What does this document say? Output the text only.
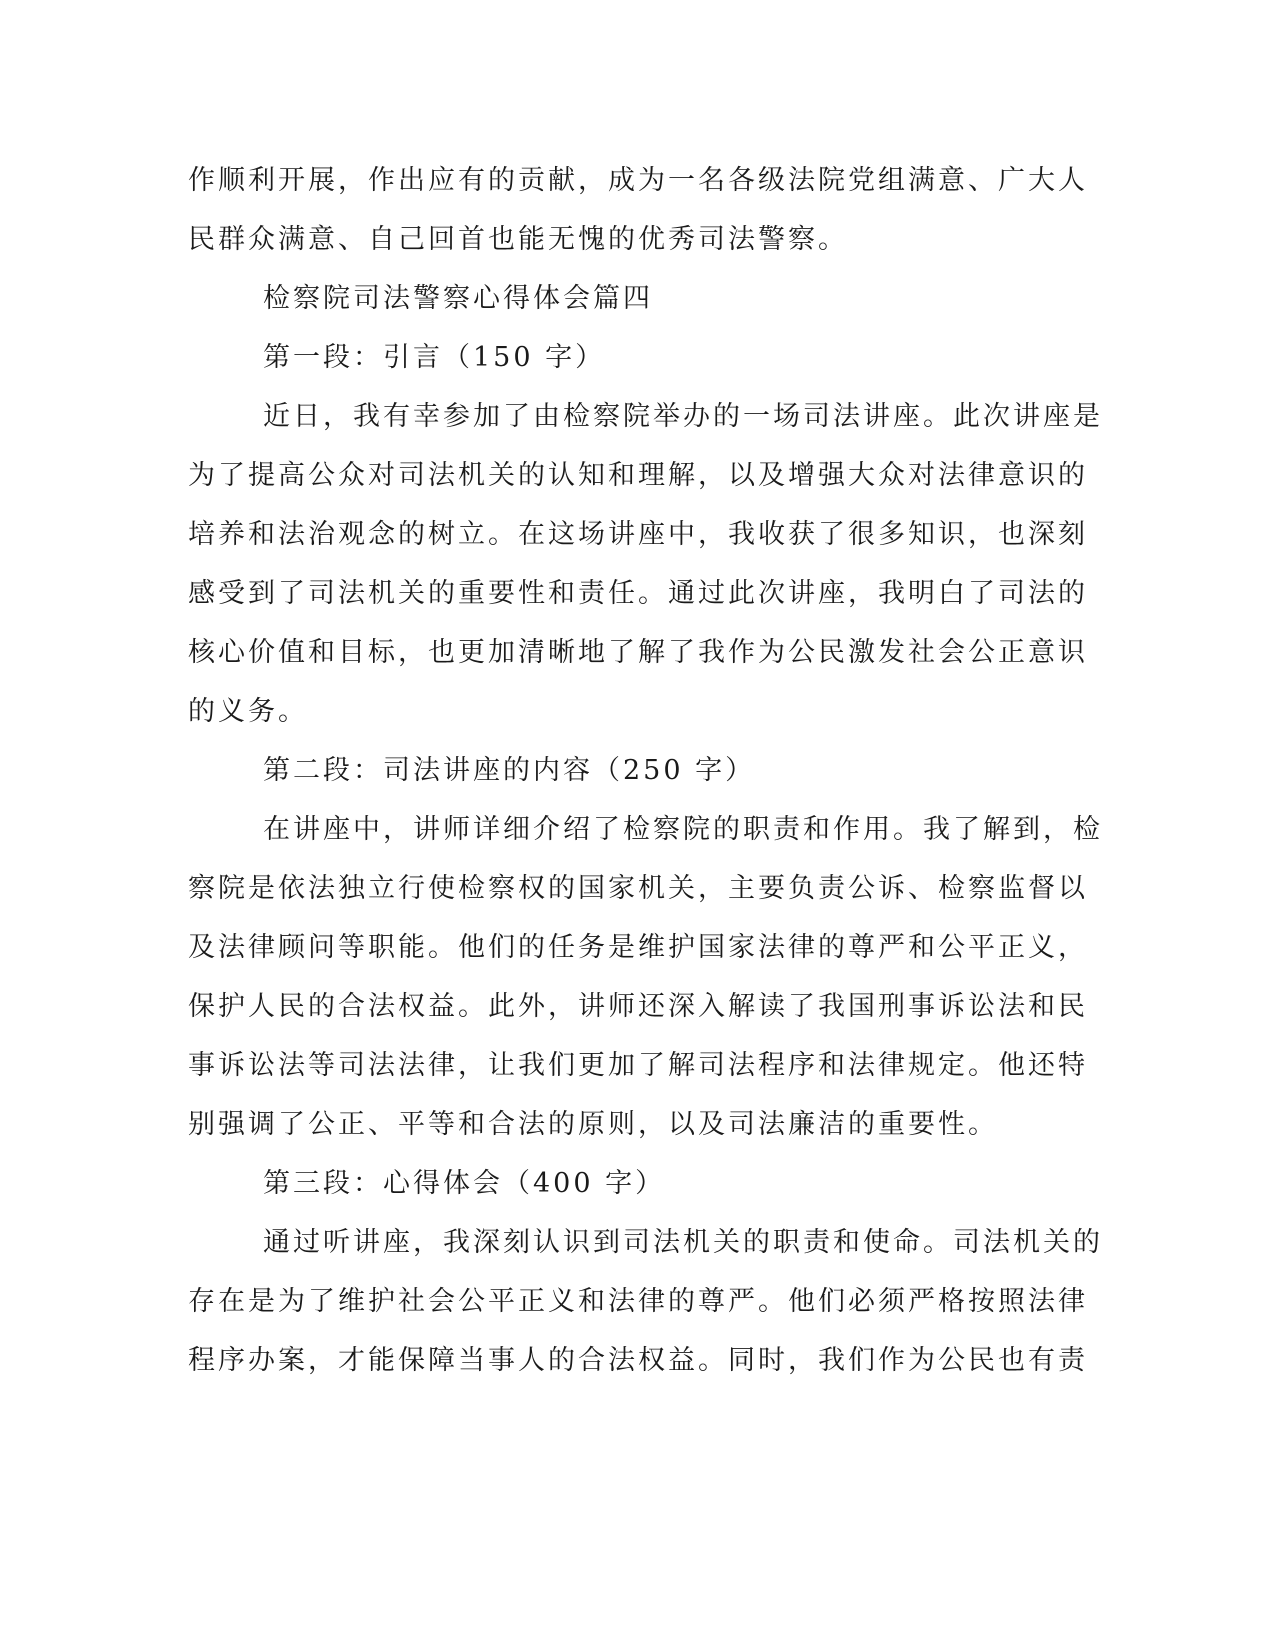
作顺利开展，作出应有的贡献，成为一名各级法院党组满意、广大人
民群众满意、自己回首也能无愧的优秀司法警察。
检察院司法警察心得体会篇四
第一段：引言（150 字）
近日，我有幸参加了由检察院举办的一场司法讲座。此次讲座是
为了提高公众对司法机关的认知和理解，以及增强大众对法律意识的
培养和法治观念的树立。在这场讲座中，我收获了很多知识，也深刻
感受到了司法机关的重要性和责任。通过此次讲座，我明白了司法的
核心价值和目标，也更加清晰地了解了我作为公民激发社会公正意识
的义务。
第二段：司法讲座的内容（250 字）
在讲座中，讲师详细介绍了检察院的职责和作用。我了解到，检
察院是依法独立行使检察权的国家机关，主要负责公诉、检察监督以
及法律顾问等职能。他们的任务是维护国家法律的尊严和公平正义，
保护人民的合法权益。此外，讲师还深入解读了我国刑事诉讼法和民
事诉讼法等司法法律，让我们更加了解司法程序和法律规定。他还特
别强调了公正、平等和合法的原则，以及司法廉洁的重要性。
第三段：心得体会（400 字）
通过听讲座，我深刻认识到司法机关的职责和使命。司法机关的
存在是为了维护社会公平正义和法律的尊严。他们必须严格按照法律
程序办案，才能保障当事人的合法权益。同时，我们作为公民也有责
